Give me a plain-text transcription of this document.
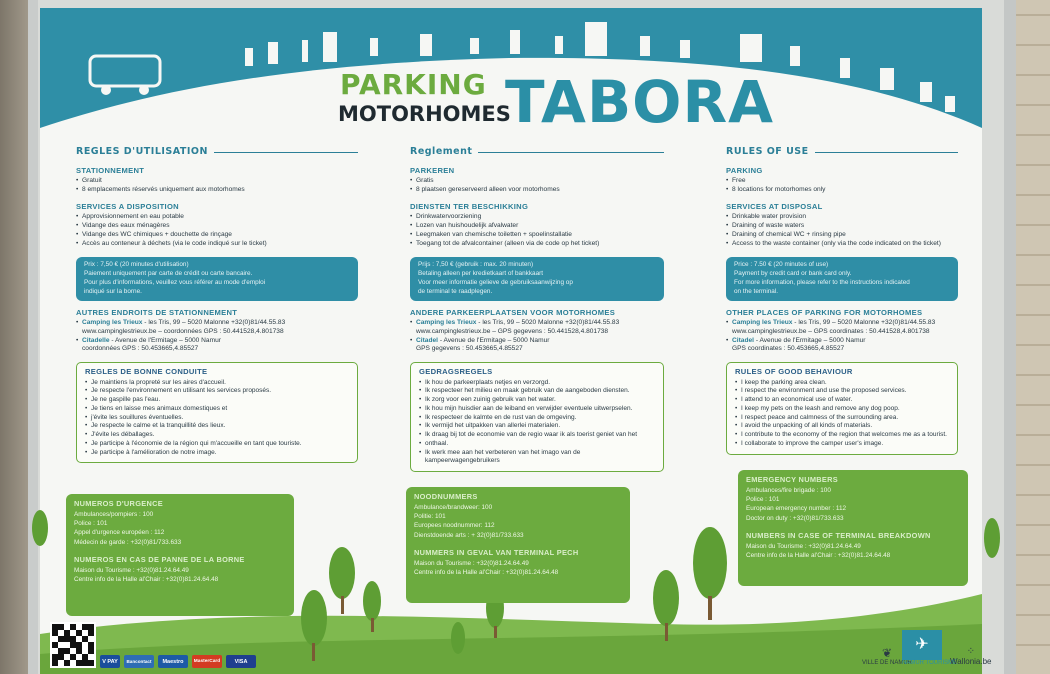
PARKING
MOTORHOMES
TABORA
REGLES D'UTILISATION
STATIONNEMENT
• Gratuit
• 8 emplacements réservés uniquement aux motorhomes
SERVICES A DISPOSITION
• Approvisionnement en eau potable
• Vidange des eaux ménagères
• Vidange des WC chimiques + douchette de rinçage
• Accès au conteneur à déchets (via le code indiqué sur le ticket)
Prix : 7,50 € (20 minutes d'utilisation)
Paiement uniquement par carte de crédit ou carte bancaire.
Pour plus d'informations, veuillez vous référer au mode d'emploi
indiqué sur la borne.
AUTRES ENDROITS DE STATIONNEMENT
• Camping les Trieux - les Tris, 99 – 5020 Malonne +32(0)81/44.55.83
www.campinglestrieux.be – coordonnées GPS : 50.441528,4.801738
• Citadelle - Avenue de l'Ermitage – 5000 Namur
coordonnées GPS : 50.453665,4.85527
REGLES DE BONNE CONDUITE
• Je maintiens la propreté sur les aires d'accueil.
• Je respecte l'environnement en utilisant les services proposés.
• Je ne gaspille pas l'eau.
• Je tiens en laisse mes animaux domestiques et
• j'évite les souillures éventuelles.
• Je respecte le calme et la tranquillité des lieux.
• J'évite les déballages.
• Je participe à l'économie de la région qui m'accueille en tant que touriste.
• Je participe à l'amélioration de notre image.
Reglement
PARKEREN
• Gratis
• 8 plaatsen gereserveerd alleen voor motorhomes
DIENSTEN TER BESCHIKKING
• Drinkwatervoorziening
• Lozen van huishoudelijk afvalwater
• Leegmaken van chemische toiletten + spoelinstallatie
• Toegang tot de afvalcontainer (alleen via de code op het ticket)
Prijs : 7,50 € (gebruik : max. 20 minuten)
Betaling alleen per kredietkaart of bankkaart
Voor meer informatie gelieve de gebruiksaanwijzing op
de terminal te raadplegen.
ANDERE PARKEERPLAATSEN VOOR MOTORHOMES
• Camping les Trieux - les Tris, 99 – 5020 Malonne +32(0)81/44.55.83
www.campinglestrieux.be – GPS gegevens : 50.441528,4.801738
• Citadel - Avenue de l'Ermitage – 5000 Namur
GPS gegevens : 50.453665,4.85527
GEDRAGSREGELS
• Ik hou de parkeerplaats netjes en verzorgd.
• Ik respecteer het milieu en maak gebruik van de aangeboden diensten.
• Ik zorg voor een zuinig gebruik van het water.
• Ik hou mijn huisdier aan de leiband en verwijder eventuele uitwerpselen.
• Ik respecteer de kalmte en de rust van de omgeving.
• Ik vermijd het uitpakken van allerlei materialen.
• Ik draag bij tot de economie van de regio waar ik als toerist geniet van het
• onthaal.
• Ik werk mee aan het verbeteren van het imago van de kampeerwagengebruikers
RULES OF USE
PARKING
• Free
• 8 locations for motorhomes only
SERVICES AT DISPOSAL
• Drinkable water provision
• Draining of waste waters
• Draining of chemical WC + rinsing pipe
• Access to the waste container (only via the code indicated on the ticket)
Price : 7.50 € (20 minutes of use)
Payment by credit card or bank card only.
For more information, please refer to the instructions indicated
on the terminal.
OTHER PLACES OF PARKING FOR MOTORHOMES
• Camping les Trieux - les Tris, 99 – 5020 Malonne +32(0)81/44.55.83
www.campinglestrieux.be – GPS coordinates : 50.441528,4.801738
• Citadel - Avenue de l'Ermitage – 5000 Namur
GPS coordinates : 50.453665,4.85527
RULES OF GOOD BEHAVIOUR
• I keep the parking area clean.
• I respect the environment and use the proposed services.
• I attend to an economical use of water.
• I keep my pets on the leash and remove any dog poop.
• I respect peace and calmness of the surrounding area.
• I avoid the unpacking of all kinds of materials.
• I contribute to the economy of the region that welcomes me as a tourist.
• I collaborate to improve the camper user's image.
NUMEROS D'URGENCE
Ambulances/pompiers : 100
Police : 101
Appel d'urgence européen : 112
Médecin de garde : +32(0)81/733.633
NUMEROS EN CAS DE PANNE DE LA BORNE
Maison du Tourisme : +32(0)81.24.64.49
Centre info de la Halle al'Chair : +32(0)81.24.64.48
NOODNUMMERS
Ambulance/brandweer: 100
Politie: 101
Europees noodnummer: 112
Dienstdoende arts : + 32(0)81/733.633
NUMMERS IN GEVAL VAN TERMINAL PECH
Maison du Tourisme : +32(0)81.24.64.49
Centre info de la Halle al'Chair : +32(0)81.24.64.48
EMERGENCY NUMBERS
Ambulances/fire brigade : 100
Police : 101
European emergency number : 112
Doctor on duty : +32(0)81/733.633
NUMBERS IN CASE OF TERMINAL BREAKDOWN
Maison du Tourisme : +32(0)81.24.64.49
Centre info de la Halle al'Chair : +32(0)81.24.64.48
V PAY	Bancontact	Maestro	MasterCard	VISA
❦
VILLE DE NAMUR
✈
NAMUR TOURISME
⁘
Wallonia.be
